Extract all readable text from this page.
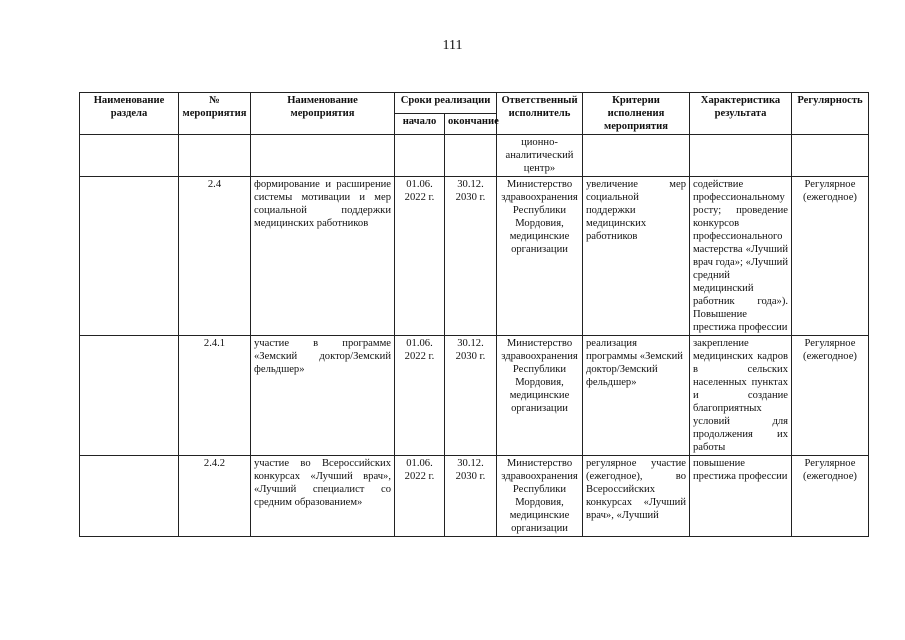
111
Наименование раздела	№ мероприятия	Наименование мероприятия	Сроки реализации		Ответственный исполнитель	Критерии исполнения мероприятия	Характеристика результата	Регулярность
			начало	окончание				
					ционно-аналитический центр»			
	2.4	формирование и расширение системы мотивации и мер социальной поддержки медицинских работников	01.06. 2022 г.	30.12. 2030 г.	Министерство здравоохранения Республики Мордовия, медицинские организации	увеличение мер социальной поддержки медицинских работников	содействие профессиональному росту; проведение конкурсов профессионального мастерства «Лучший врач года»; «Лучший средний медицинский работник года»). Повышение престижа профессии	Регулярное (ежегодное)
	2.4.1	участие в программе «Земский доктор/Земский фельдшер»	01.06. 2022 г.	30.12. 2030 г.	Министерство здравоохранения Республики Мордовия, медицинские организации	реализация программы «Земский доктор/Земский фельдшер»	закрепление медицинских кадров в сельских населенных пунктах и создание благоприятных условий для продолжения их работы	Регулярное (ежегодное)
	2.4.2	участие во Всероссийских конкурсах «Лучший врач», «Лучший специалист со средним образованием»	01.06. 2022 г.	30.12. 2030 г.	Министерство здравоохранения Республики Мордовия, медицинские организации	регулярное участие (ежегодное), во Всероссийских конкурсах «Лучший врач», «Лучший	повышение престижа профессии	Регулярное (ежегодное)
